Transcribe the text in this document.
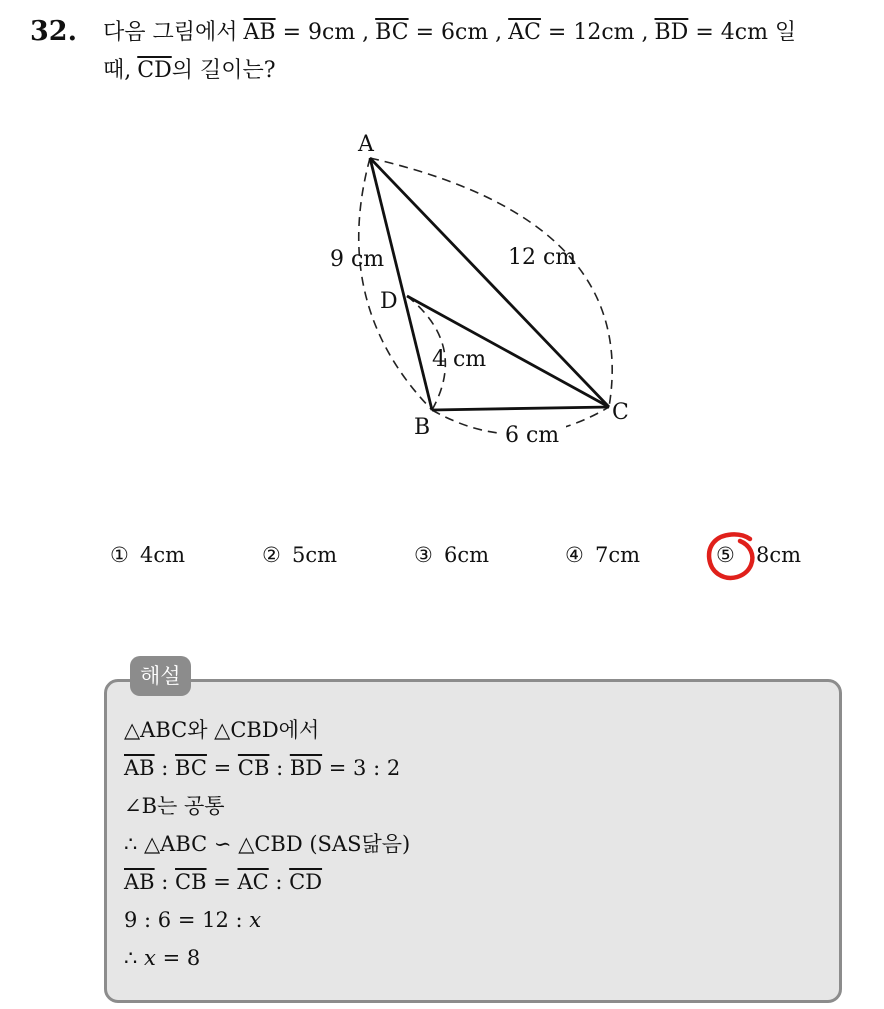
32. 다음 그림에서 $\overline{AB} = 9cm$ , $\overline{BC} = 6cm$ , $\overline{AC} = 12cm$ , $\overline{BD} = 4cm$ 일
때, $\overline{CD}$의 길이는?
A
B
C
D
9 cm	12 cm
4 cm
6 cm
① 4cm	② 5cm	③ 6cm	④ 7cm	⑤ 8cm
해설
△ABC와 △CBD에서
$\overline{AB}$ : $\overline{BC} = \overline{CB}$ : $\overline{BD} = 3$ : 2
∠B는 공통
∴ △ABC ∽ △CBD (SAS닮음)
$\overline{AB}$ : $\overline{CB} = \overline{AC}$ : $\overline{CD}$
9 : 6 = 12 : x
∴ x = 8
